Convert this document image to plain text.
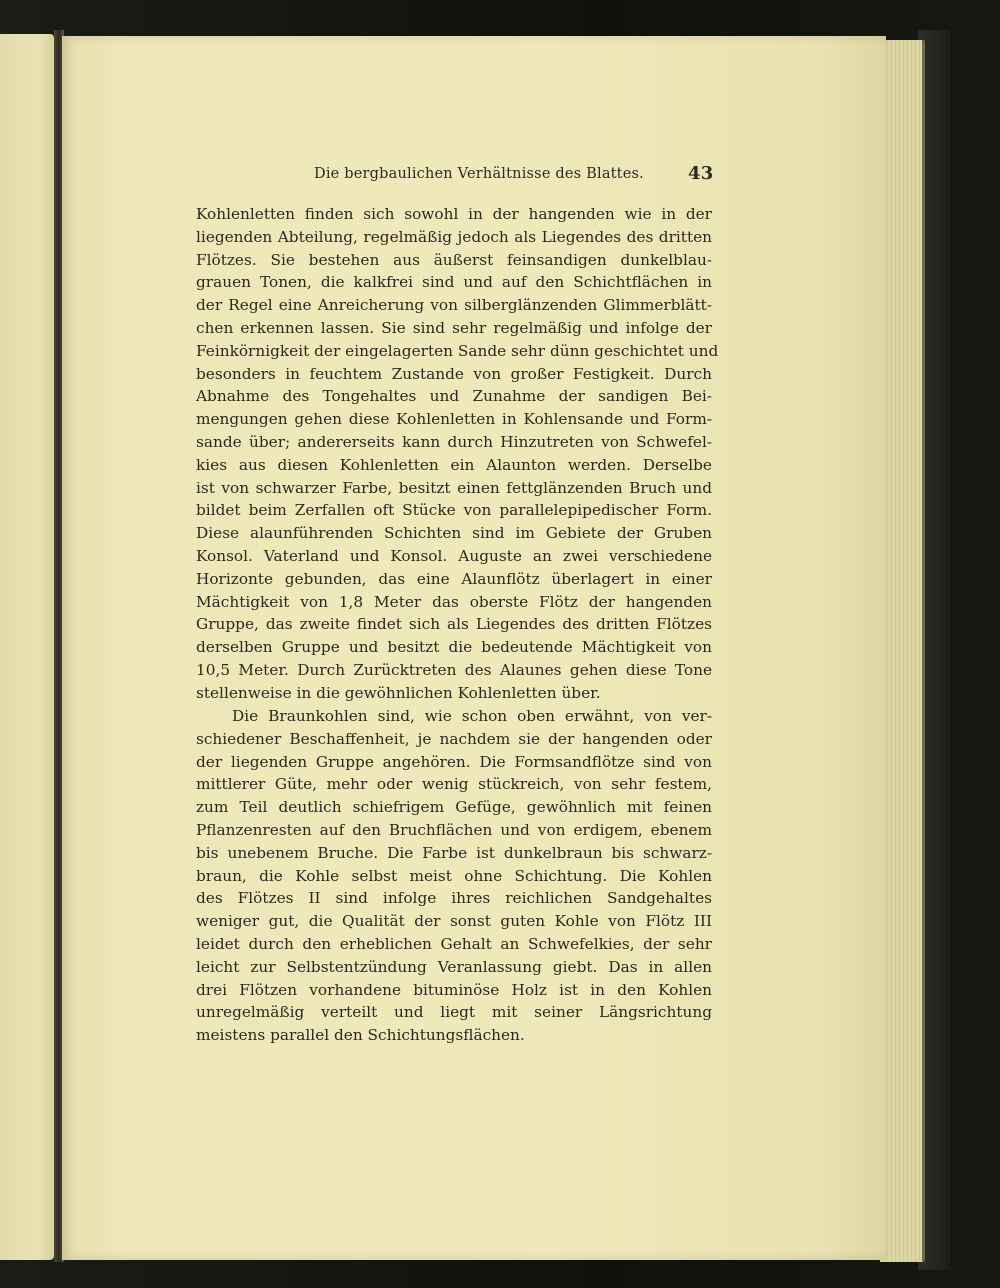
Die bergbaulichen Verhältnisse des Blattes. 43
Kohlenletten finden sich sowohl in der hangenden wie in der
liegenden Abteilung, regelmäßig jedoch als Liegendes des dritten
Flötzes. Sie bestehen aus äußerst feinsandigen dunkelblau-
grauen Tonen, die kalkfrei sind und auf den Schichtflächen in
der Regel eine Anreicherung von silberglänzenden Glimmerblätt-
chen erkennen lassen. Sie sind sehr regelmäßig und infolge der
Feinkörnigkeit der eingelagerten Sande sehr dünn geschichtet und
besonders in feuchtem Zustande von großer Festigkeit. Durch
Abnahme des Tongehaltes und Zunahme der sandigen Bei-
mengungen gehen diese Kohlenletten in Kohlensande und Form-
sande über; andererseits kann durch Hinzutreten von Schwefel-
kies aus diesen Kohlenletten ein Alaunton werden. Derselbe
ist von schwarzer Farbe, besitzt einen fettglänzenden Bruch und
bildet beim Zerfallen oft Stücke von parallelepipedischer Form.
Diese alaunführenden Schichten sind im Gebiete der Gruben
Konsol. Vaterland und Konsol. Auguste an zwei verschiedene
Horizonte gebunden, das eine Alaunflötz überlagert in einer
Mächtigkeit von 1,8 Meter das oberste Flötz der hangenden
Gruppe, das zweite findet sich als Liegendes des dritten Flötzes
derselben Gruppe und besitzt die bedeutende Mächtigkeit von
10,5 Meter. Durch Zurücktreten des Alaunes gehen diese Tone
stellenweise in die gewöhnlichen Kohlenletten über.
Die Braunkohlen sind, wie schon oben erwähnt, von ver-
schiedener Beschaffenheit, je nachdem sie der hangenden oder
der liegenden Gruppe angehören. Die Formsandflötze sind von
mittlerer Güte, mehr oder wenig stückreich, von sehr festem,
zum Teil deutlich schiefrigem Gefüge, gewöhnlich mit feinen
Pflanzenresten auf den Bruchflächen und von erdigem, ebenem
bis unebenem Bruche. Die Farbe ist dunkelbraun bis schwarz-
braun, die Kohle selbst meist ohne Schichtung. Die Kohlen
des Flötzes II sind infolge ihres reichlichen Sandgehaltes
weniger gut, die Qualität der sonst guten Kohle von Flötz III
leidet durch den erheblichen Gehalt an Schwefelkies, der sehr
leicht zur Selbstentzündung Veranlassung giebt. Das in allen
drei Flötzen vorhandene bituminöse Holz ist in den Kohlen
unregelmäßig verteilt und liegt mit seiner Längsrichtung
meistens parallel den Schichtungsflächen.
